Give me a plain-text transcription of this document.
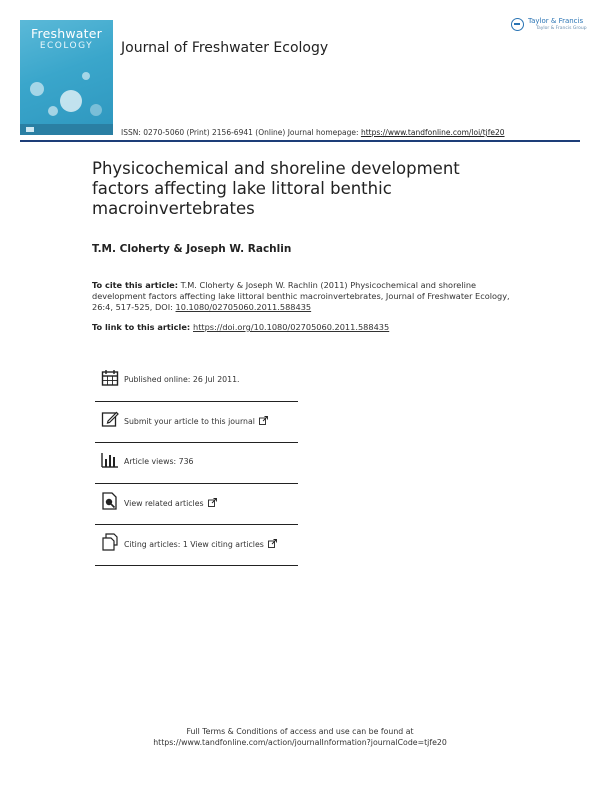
Freshwater
ECOLOGY	Journal of Freshwater Ecology
Taylor & Francis
Taylor & Francis Group
ISSN: 0270-5060 (Print) 2156-6941 (Online) Journal homepage: https://www.tandfonline.com/loi/tjfe20
Physicochemical and shoreline development factors affecting lake littoral benthic macroinvertebrates
T.M. Cloherty & Joseph W. Rachlin
To cite this article: T.M. Cloherty & Joseph W. Rachlin (2011) Physicochemical and shoreline development factors affecting lake littoral benthic macroinvertebrates, Journal of Freshwater Ecology, 26:4, 517-525, DOI: 10.1080/02705060.2011.588435
To link to this article: https://doi.org/10.1080/02705060.2011.588435
Published online: 26 Jul 2011.
Submit your article to this journal
Article views: 736
View related articles
Citing articles: 1 View citing articles
Full Terms & Conditions of access and use can be found at
https://www.tandfonline.com/action/journalInformation?journalCode=tjfe20
